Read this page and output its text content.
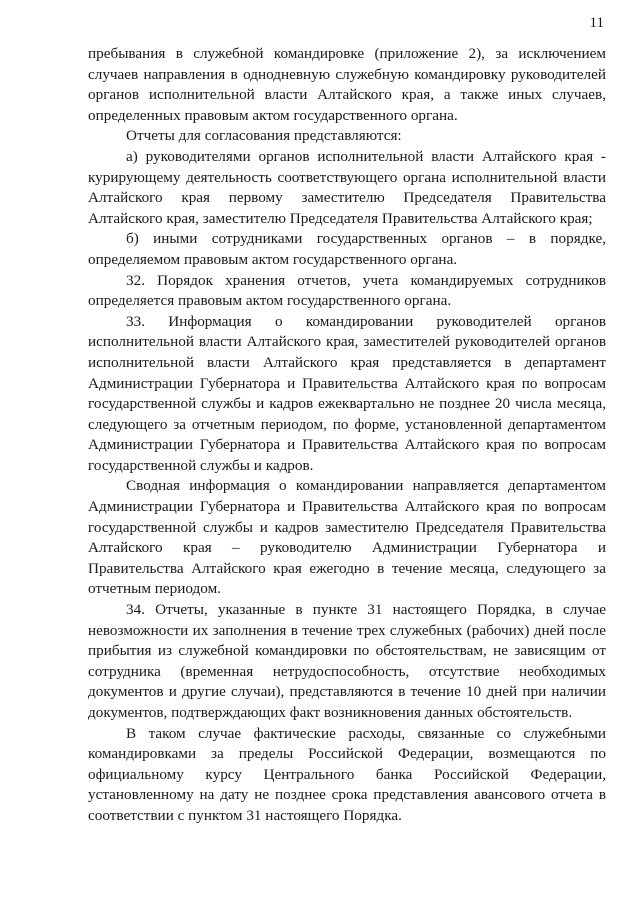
11

пребывания в служебной командировке (приложение 2), за исключением случаев направления в однодневную служебную командировку руководителей органов исполнительной власти Алтайского края, а также иных случаев, определенных правовым актом государственного органа.

Отчеты для согласования представляются:

а) руководителями органов исполнительной власти Алтайского края - курирующему деятельность соответствующего органа исполнительной власти Алтайского края первому заместителю Председателя Правительства Алтайского края, заместителю Председателя Правительства Алтайского края;

б) иными сотрудниками государственных органов – в порядке, определяемом правовым актом государственного органа.

32. Порядок хранения отчетов, учета командируемых сотрудников определяется правовым актом государственного органа.

33. Информация о командировании руководителей органов исполнительной власти Алтайского края, заместителей руководителей органов исполнительной власти Алтайского края представляется в департамент Администрации Губернатора и Правительства Алтайского края по вопросам государственной службы и кадров ежеквартально не позднее 20 числа месяца, следующего за отчетным периодом, по форме, установленной департаментом Администрации Губернатора и Правительства Алтайского края по вопросам государственной службы и кадров.

Сводная информация о командировании направляется департаментом Администрации Губернатора и Правительства Алтайского края по вопросам государственной службы и кадров заместителю Председателя Правительства Алтайского края – руководителю Администрации Губернатора и Правительства Алтайского края ежегодно в течение месяца, следующего за отчетным периодом.

34. Отчеты, указанные в пункте 31 настоящего Порядка, в случае невозможности их заполнения в течение трех служебных (рабочих) дней после прибытия из служебной командировки по обстоятельствам, не зависящим от сотрудника (временная нетрудоспособность, отсутствие необходимых документов и другие случаи), представляются в течение 10 дней при наличии документов, подтверждающих факт возникновения данных обстоятельств.

В таком случае фактические расходы, связанные со служебными командировками за пределы Российской Федерации, возмещаются по официальному курсу Центрального банка Российской Федерации, установленному на дату не позднее срока представления авансового отчета в соответствии с пунктом 31 настоящего Порядка.
